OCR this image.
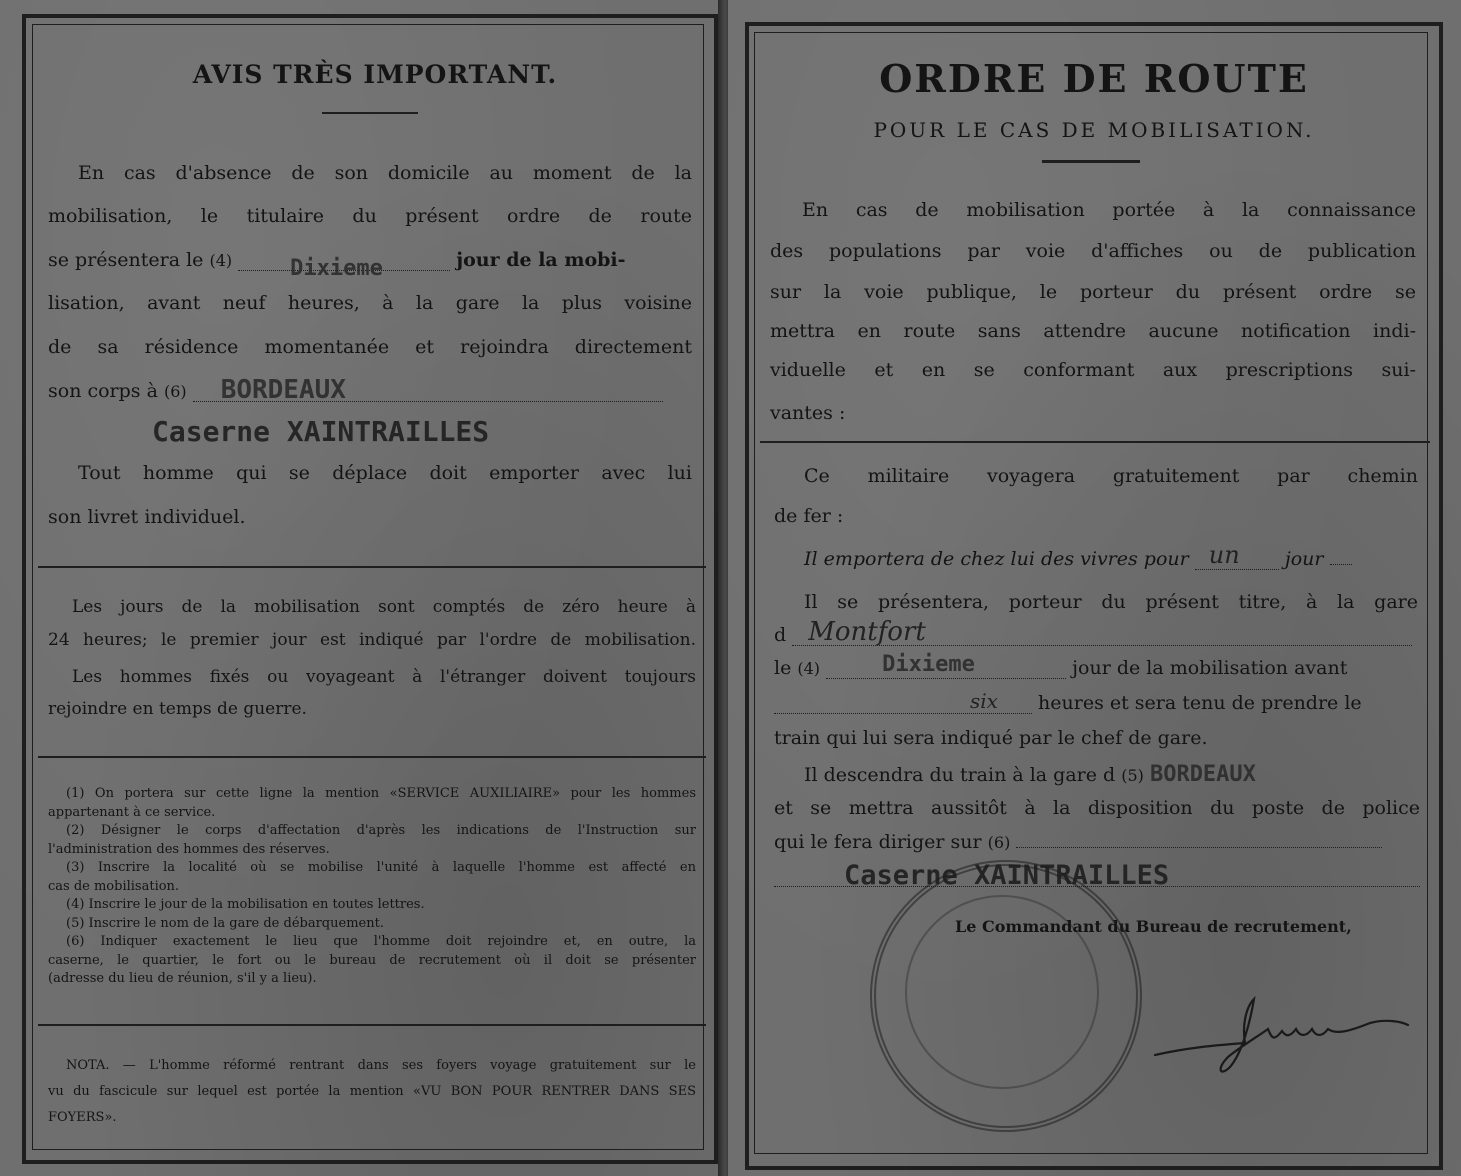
AVIS TRÈS IMPORTANT.
En cas d'absence de son domicile au moment de la
mobilisation, le titulaire du présent ordre de route
se présentera le (4)	Dixieme	jour de la mobi-
lisation, avant neuf heures, à la gare la plus voisine
de sa résidence momentanée et rejoindra directement
son corps à (6) BORDEAUX
Caserne XAINTRAILLES
Tout homme qui se déplace doit emporter avec lui
son livret individuel.
Les jours de la mobilisation sont comptés de zéro heure à
24 heures; le premier jour est indiqué par l'ordre de mobilisation.
Les hommes fixés ou voyageant à l'étranger doivent toujours
rejoindre en temps de guerre.
(1) On portera sur cette ligne la mention «SERVICE AUXILIAIRE» pour les hommes
appartenant à ce service.
(2) Désigner le corps d'affectation d'après les indications de l'Instruction sur
l'administration des hommes des réserves.
(3) Inscrire la localité où se mobilise l'unité à laquelle l'homme est affecté en
cas de mobilisation.
(4) Inscrire le jour de la mobilisation en toutes lettres.
(5) Inscrire le nom de la gare de débarquement.
(6) Indiquer exactement le lieu que l'homme doit rejoindre et, en outre, la
caserne, le quartier, le fort ou le bureau de recrutement où il doit se présenter
(adresse du lieu de réunion, s'il y a lieu).
NOTA. — L'homme réformé rentrant dans ses foyers voyage gratuitement sur le
vu du fascicule sur lequel est portée la mention «VU BON POUR RENTRER DANS SES
FOYERS».
ORDRE DE ROUTE
POUR LE CAS DE MOBILISATION.
En cas de mobilisation portée à la connaissance
des populations par voie d'affiches ou de publication
sur la voie publique, le porteur du présent ordre se
mettra en route sans attendre aucune notification indi-
viduelle et en se conformant aux prescriptions sui-
vantes :
Ce militaire voyagera gratuitement par chemin
de fer :
Il emportera de chez lui des vivres pour un jour
Il se présentera, porteur du présent titre, à la gare
d Montfort
le (4)	Dixieme	jour de la mobilisation avant
six heures et sera tenu de prendre le
train qui lui sera indiqué par le chef de gare.
Il descendra du train à la gare d (5) BORDEAUX
et se mettra aussitôt à la disposition du poste de police
qui le fera diriger sur (6)
Caserne XAINTRAILLES
Le Commandant du Bureau de recrutement,
